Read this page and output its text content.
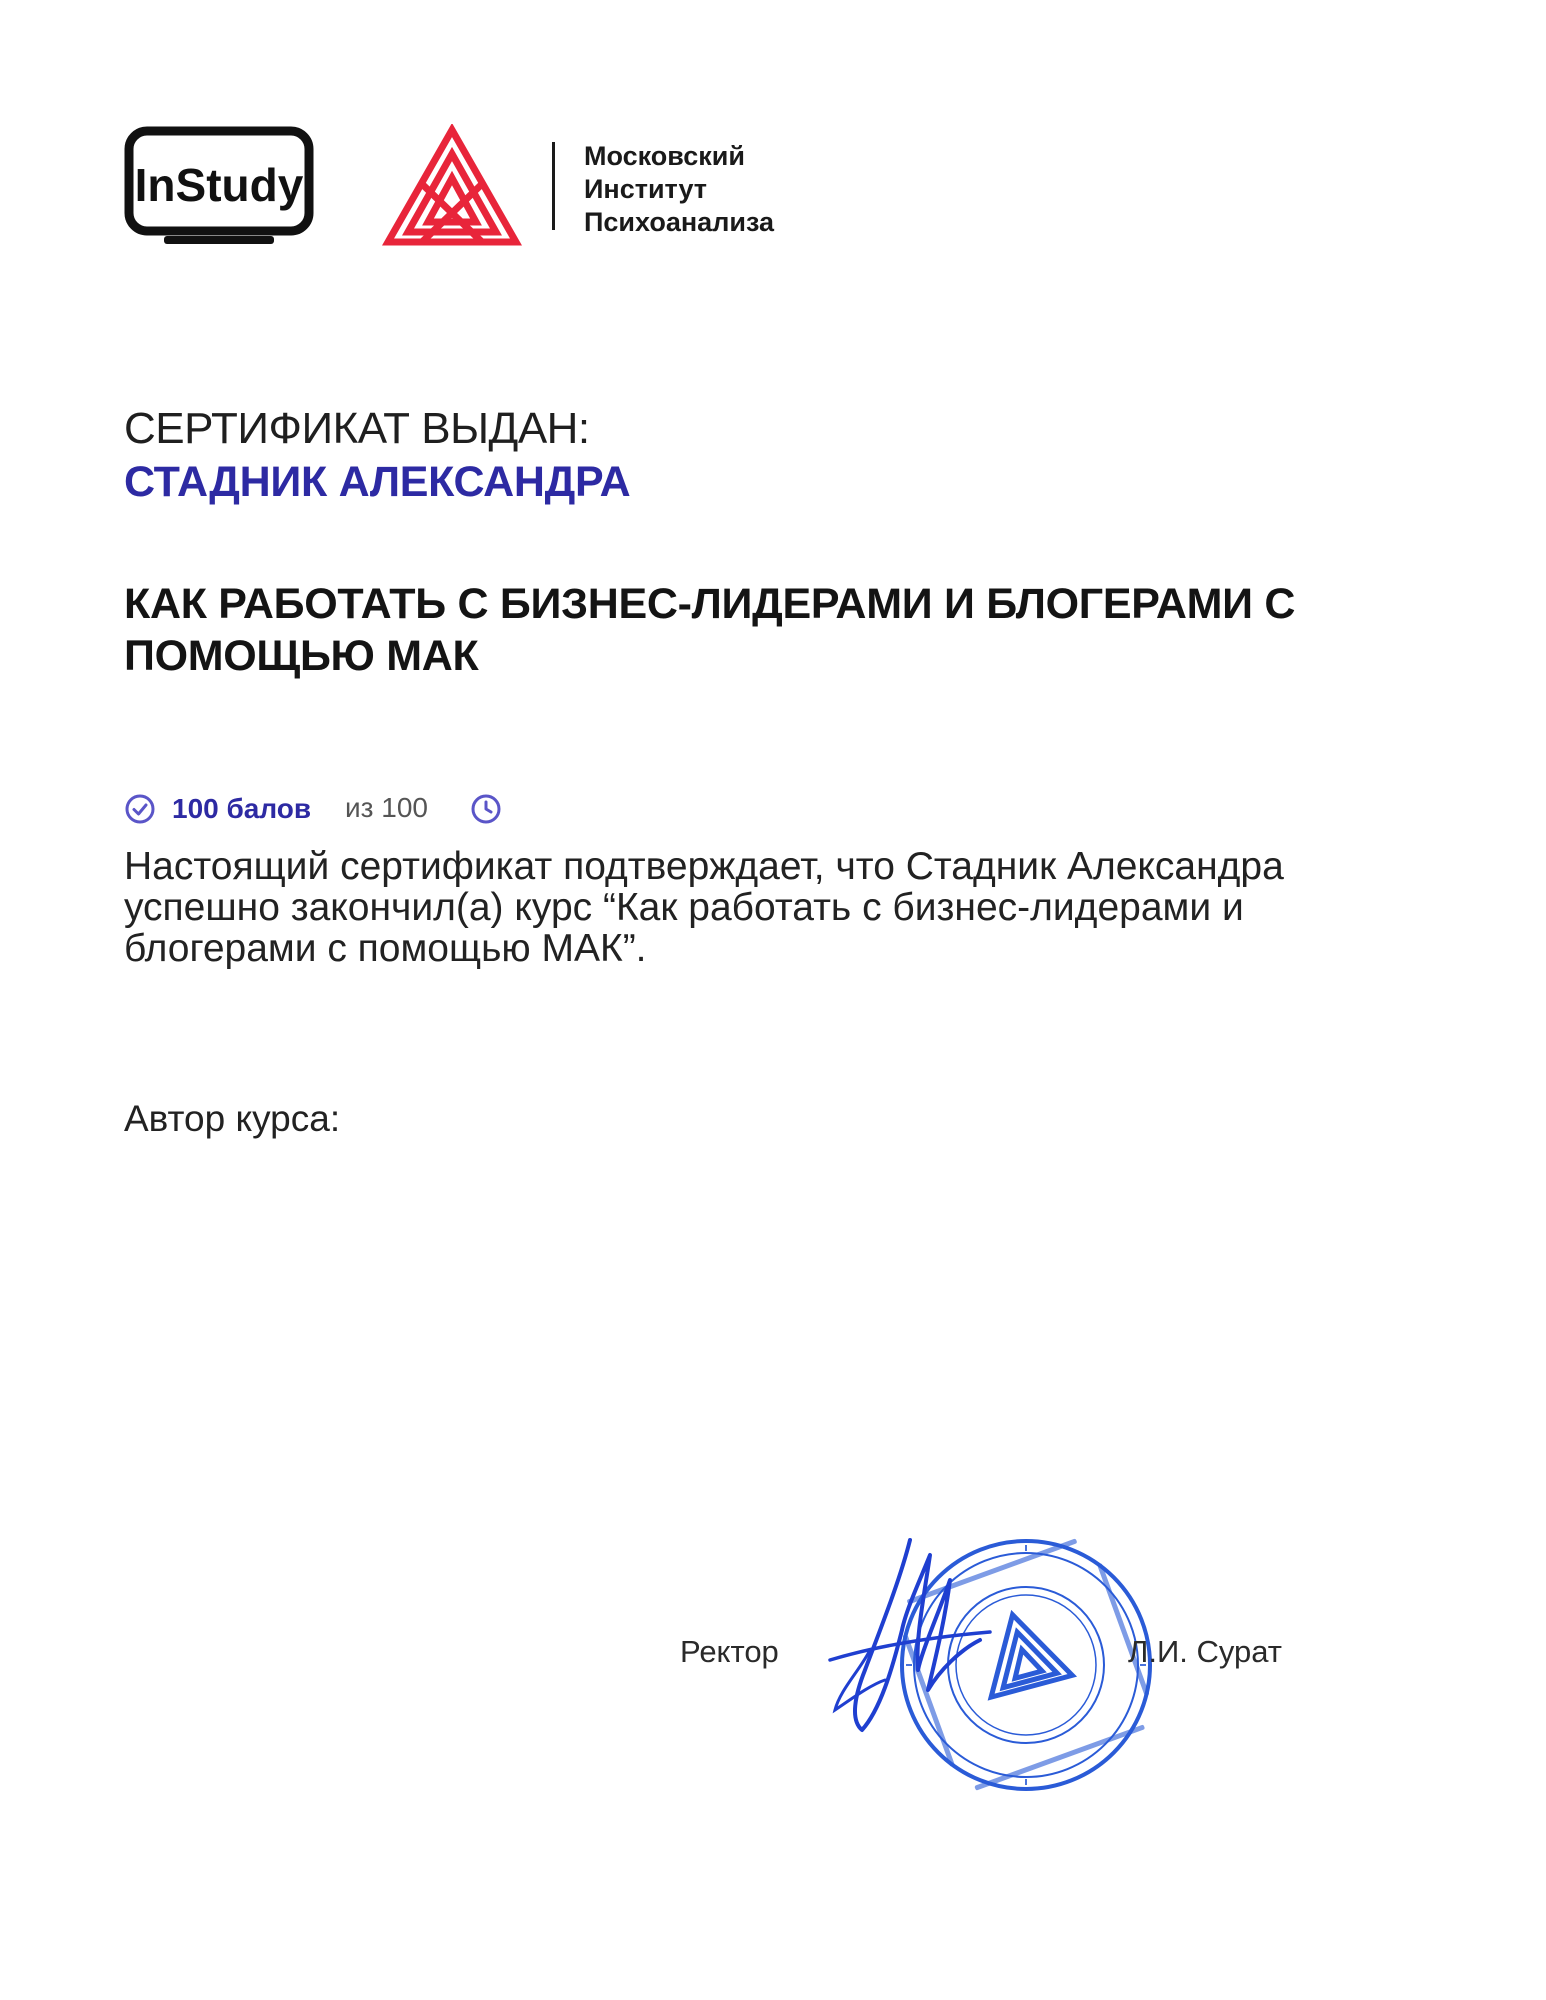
InStudy
Московский
Институт
Психоанализа
СЕРТИФИКАТ ВЫДАН:
СТАДНИК АЛЕКСАНДРА
КАК РАБОТАТЬ С БИЗНЕС-ЛИДЕРАМИ И БЛОГЕРАМИ С ПОМОЩЬЮ МАК
100 балов из 100
Настоящий сертификат подтверждает, что Стадник Александра успешно закончил(а) курс “Как работать с бизнес-лидерами и блогерами с помощью МАК”.
Автор курса:
Ректор	Л.И. Сурат
